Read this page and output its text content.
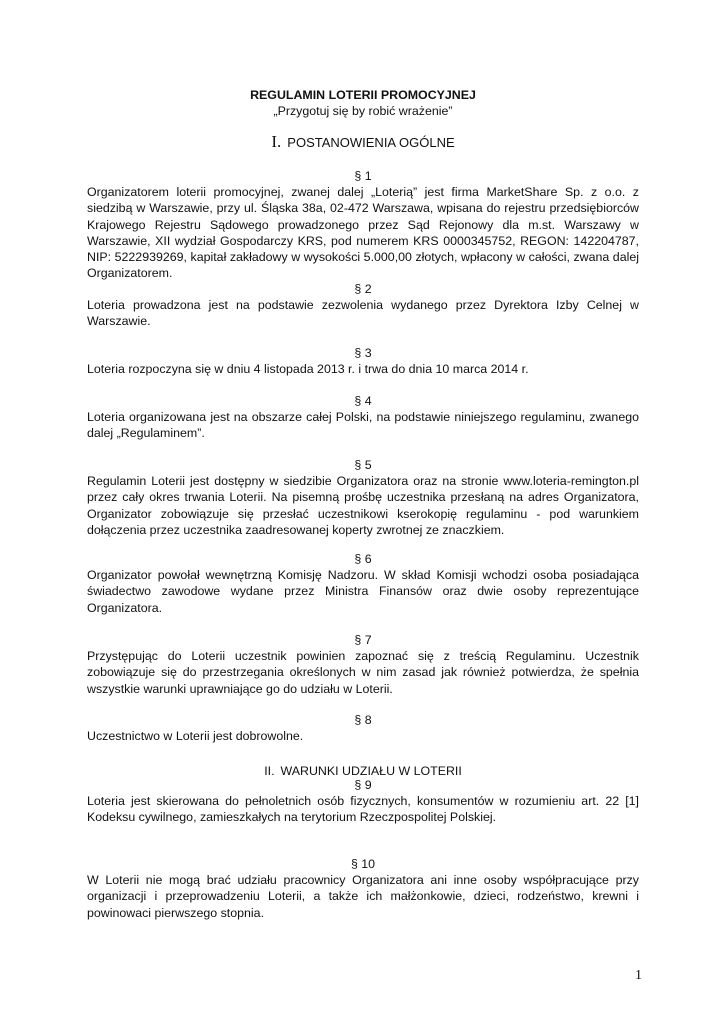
REGULAMIN LOTERII PROMOCYJNEJ
„Przygotuj się by robić wrażenie”
I. POSTANOWIENIA OGÓLNE
§ 1

Organizatorem loterii promocyjnej, zwanej dalej „Loterią” jest firma MarketShare Sp. z o.o. z siedzibą w Warszawie, przy ul. Śląska 38a, 02-472 Warszawa, wpisana do rejestru przedsiębiorców Krajowego Rejestru Sądowego prowadzonego przez Sąd Rejonowy dla m.st. Warszawy w Warszawie, XII wydział Gospodarczy KRS, pod numerem KRS 0000345752, REGON: 142204787, NIP: 5222939269, kapitał zakładowy w wysokości 5.000,00 złotych, wpłacony w całości, zwana dalej Organizatorem.

§ 2

Loteria prowadzona jest na podstawie zezwolenia wydanego przez Dyrektora Izby Celnej w Warszawie.

§ 3

Loteria rozpoczyna się w dniu 4 listopada 2013 r. i trwa do dnia 10 marca 2014 r.

§ 4

Loteria organizowana jest na obszarze całej Polski, na podstawie niniejszego regulaminu, zwanego dalej „Regulaminem”.

§ 5

Regulamin Loterii jest dostępny w siedzibie Organizatora oraz na stronie www.loteria-remington.pl przez cały okres trwania Loterii. Na pisemną prośbę uczestnika przesłaną na adres Organizatora, Organizator zobowiązuje się przesłać uczestnikowi kserokopię regulaminu - pod warunkiem dołączenia przez uczestnika zaadresowanej koperty zwrotnej ze znaczkiem.

§ 6

Organizator powołał wewnętrzną Komisję Nadzoru. W skład Komisji wchodzi osoba posiadająca świadectwo zawodowe wydane przez Ministra Finansów oraz dwie osoby reprezentujące Organizatora.

§ 7

Przystępując do Loterii uczestnik powinien zapoznać się z treścią Regulaminu. Uczestnik zobowiązuje się do przestrzegania określonych w nim zasad jak również potwierdza, że spełnia wszystkie warunki uprawniające go do udziału w Loterii.

§ 8

Uczestnictwo w Loterii jest dobrowolne.

II. WARUNKI UDZIAŁU W LOTERII
§ 9

Loteria jest skierowana do pełnoletnich osób fizycznych, konsumentów w rozumieniu art. 22 [1] Kodeksu cywilnego, zamieszkałych na terytorium Rzeczpospolitej Polskiej.

§ 10

W Loterii nie mogą brać udziału pracownicy Organizatora ani inne osoby współpracujące przy organizacji i przeprowadzeniu Loterii, a także ich małżonkowie, dzieci, rodzeństwo, krewni i powinowaci pierwszego stopnia.

1
